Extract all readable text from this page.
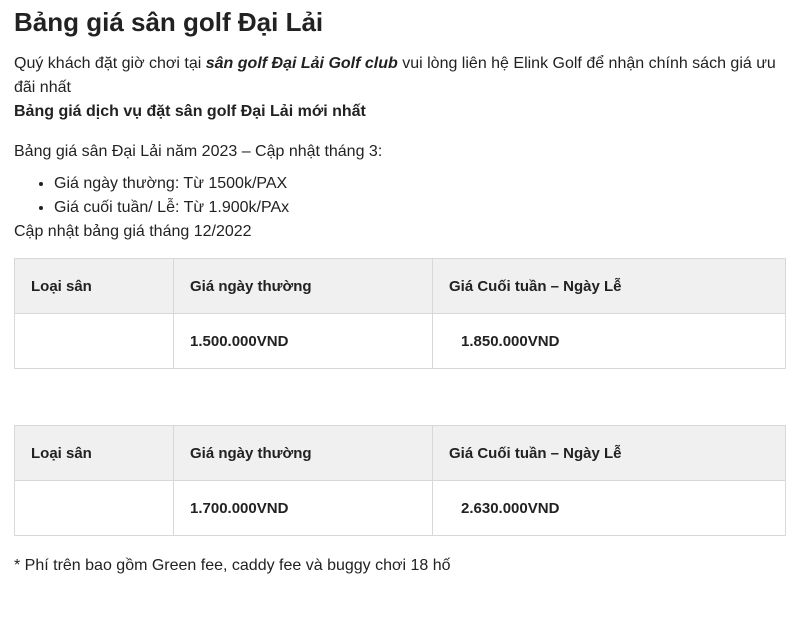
Bảng giá sân golf Đại Lải

Quý khách đặt giờ chơi tại sân golf Đại Lải Golf club vui lòng liên hệ Elink Golf để nhận chính sách giá ưu đãi nhất

Bảng giá dịch vụ đặt sân golf Đại Lải mới nhất

Bảng giá sân Đại Lải năm 2023 – Cập nhật tháng 3:

• Giá ngày thường: Từ 1500k/PAX
• Giá cuối tuần/ Lễ: Từ 1.900k/PAx

Cập nhật bảng giá tháng 12/2022

Loại sân	Giá ngày thường	Giá Cuối tuần – Ngày Lễ
	1.500.000VND	1.850.000VND
Loại sân	Giá ngày thường	Giá Cuối tuần – Ngày Lễ
	1.700.000VND	2.630.000VND

* Phí trên bao gồm Green fee, caddy fee và buggy chơi 18 hố
